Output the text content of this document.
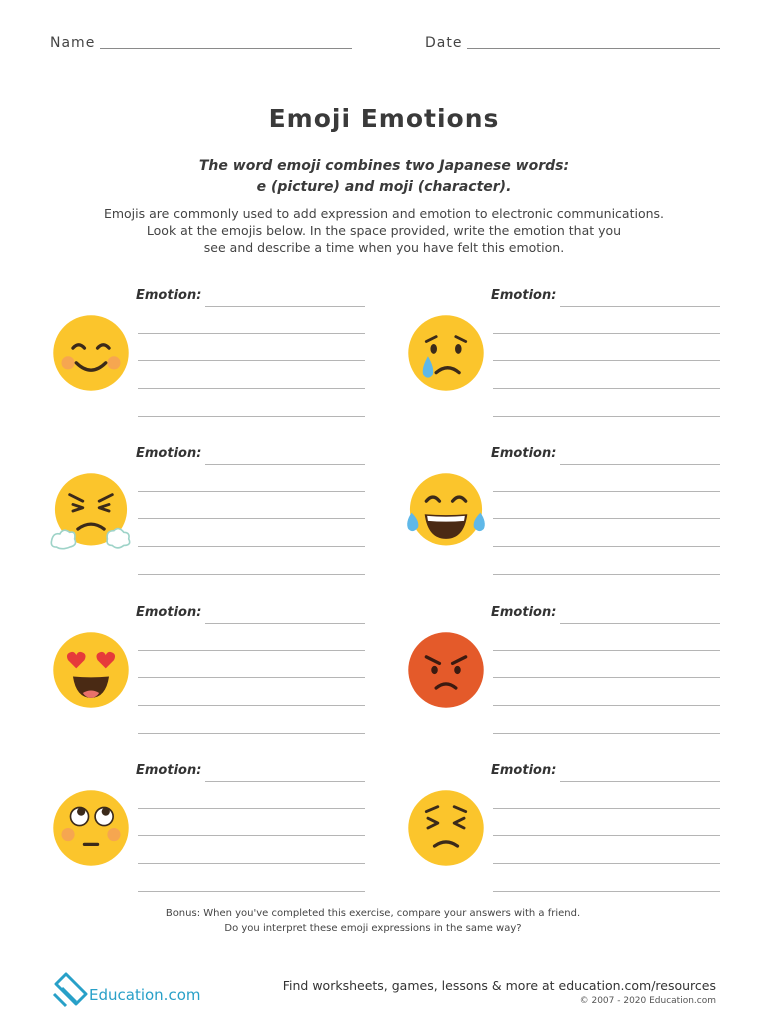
Name	Date
Emoji Emotions
The word emoji combines two Japanese words:
e (picture) and moji (character).
Emojis are commonly used to add expression and emotion to electronic communications.
Look at the emojis below. In the space provided, write the emotion that you
see and describe a time when you have felt this emotion.
Emotion:	Emotion:
Emotion:	Emotion:
Emotion:	Emotion:
Emotion:	Emotion:
Bonus: When you've completed this exercise, compare your answers with a friend.
Do you interpret these emoji expressions in the same way?
Education.com
Find worksheets, games, lessons & more at education.com/resources
© 2007 - 2020 Education.com
